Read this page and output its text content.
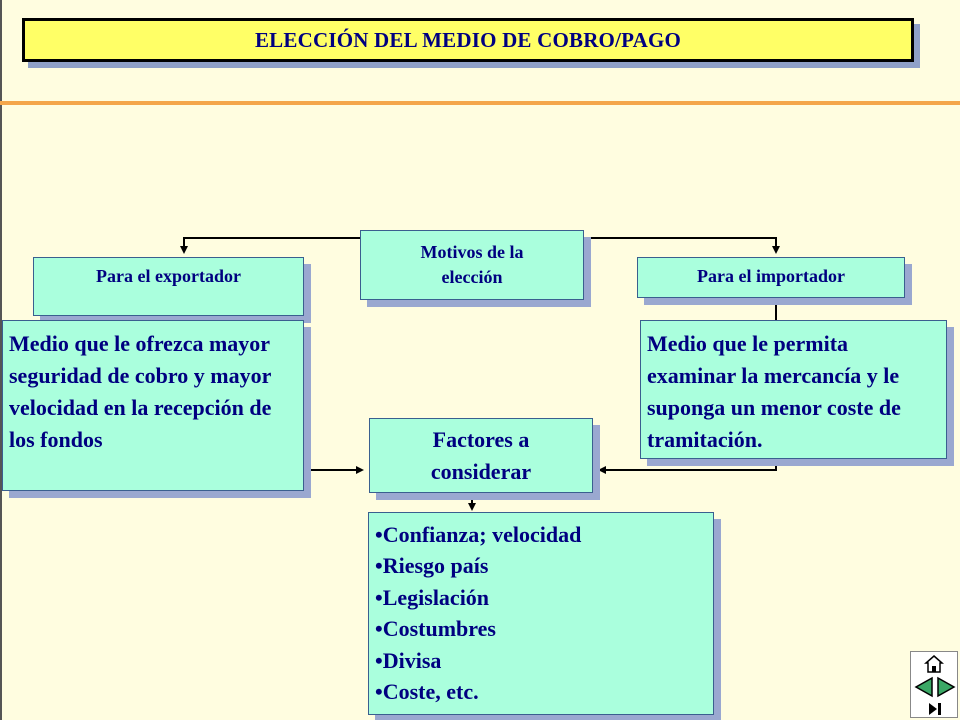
ELECCIÓN DEL MEDIO DE COBRO/PAGO
Motivos de la elección
Para el exportador	Para el importador
Medio que le ofrezca mayor seguridad de cobro y mayor velocidad en la recepción de los fondos
Medio que le permita examinar la mercancía y le suponga un menor coste de tramitación.
Factores a considerar
• Confianza; velocidad
• Riesgo país
• Legislación
• Costumbres
• Divisa
• Coste, etc.
